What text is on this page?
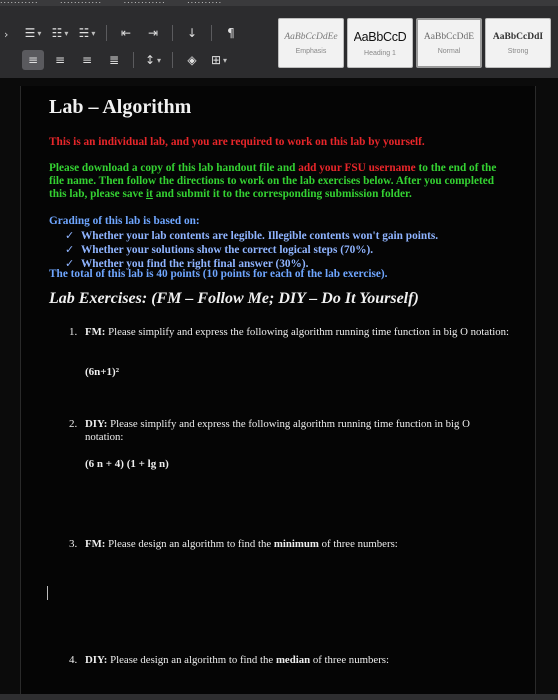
........... ............ ............ ..........
› ☰ ▾ ☷ ▾ ☵ ▾ ⇤ ⇥ ↓	¶
≡ ≡ ≡ ≣ ↕ ▾ ◈ ⊞ ▾
AaBbCcDdEe
Emphasis
AaBbCcD
Heading 1
AaBbCcDdE
Normal
AaBbCcDdI
Strong
Lab – Algorithm

This is an individual lab, and you are required to work on this lab by yourself.

Please download a copy of this lab handout file and add your FSU username to the end of the file name. Then follow the directions to work on the lab exercises below. After you completed this lab, please save it and submit it to the corresponding submission folder.

Grading of this lab is based on:

✓ Whether your lab contents are legible. Illegible contents won't gain points.
✓ Whether your solutions show the correct logical steps (70%).
✓ Whether you find the right final answer (30%).

The total of this lab is 40 points (10 points for each of the lab exercise).

Lab Exercises: (FM – Follow Me; DIY – Do It Yourself)
1. FM: Please simplify and express the following algorithm running time function in big O notation:
(6n+1)²
2. DIY: Please simplify and express the following algorithm running time function in big O notation:
(6 n + 4) (1 + lg n)
3. FM: Please design an algorithm to find the minimum of three numbers:
4. DIY: Please design an algorithm to find the median of three numbers:
